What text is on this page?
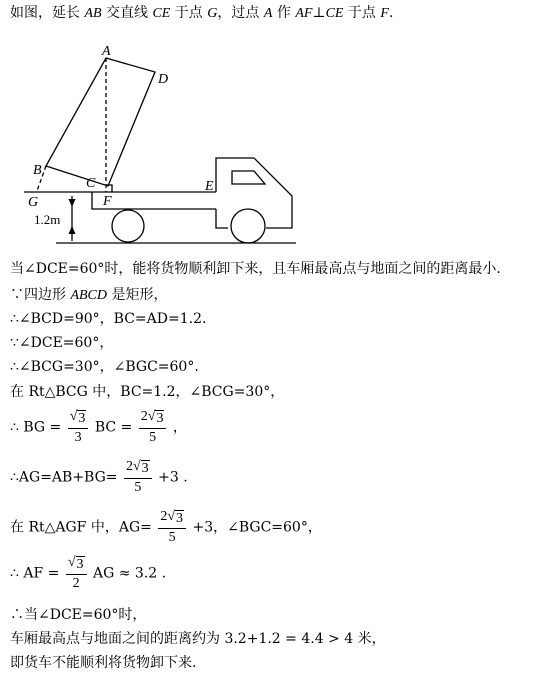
如图，延长 AB 交直线 CE 于点 G，过点 A 作 AF⊥CE 于点 F.
A
D
B
C	E
F
G
1.2m
当∠DCE=60°时，能将货物顺利卸下来，且车厢最高点与地面之间的距离最小.
∵四边形 ABCD 是矩形，
∴∠BCD=90°，BC=AD=1.2.
∵∠DCE=60°，
∴∠BCG=30°，∠BGC=60°.
在 Rt△BCG 中，BC=1.2，∠BCG=30°，
∴ BG = $\frac{√ 3}{3}$ BC = $\frac{2 √ 3}{5}$ ，
∴AG=AB+BG= $\frac{2 √ 3}{5} +3$ .
在 Rt△AGF 中，$AG= \frac{2 √ 3}{5} +3$，∠BGC=60°，
∴ AF = $\frac{√ 3}{2}$ AG ≈ 3.2 .
∴当∠DCE=60°时，
车厢最高点与地面之间的距离约为 3.2+1.2 = 4.4 > 4 米，
即货车不能顺利将货物卸下来.
